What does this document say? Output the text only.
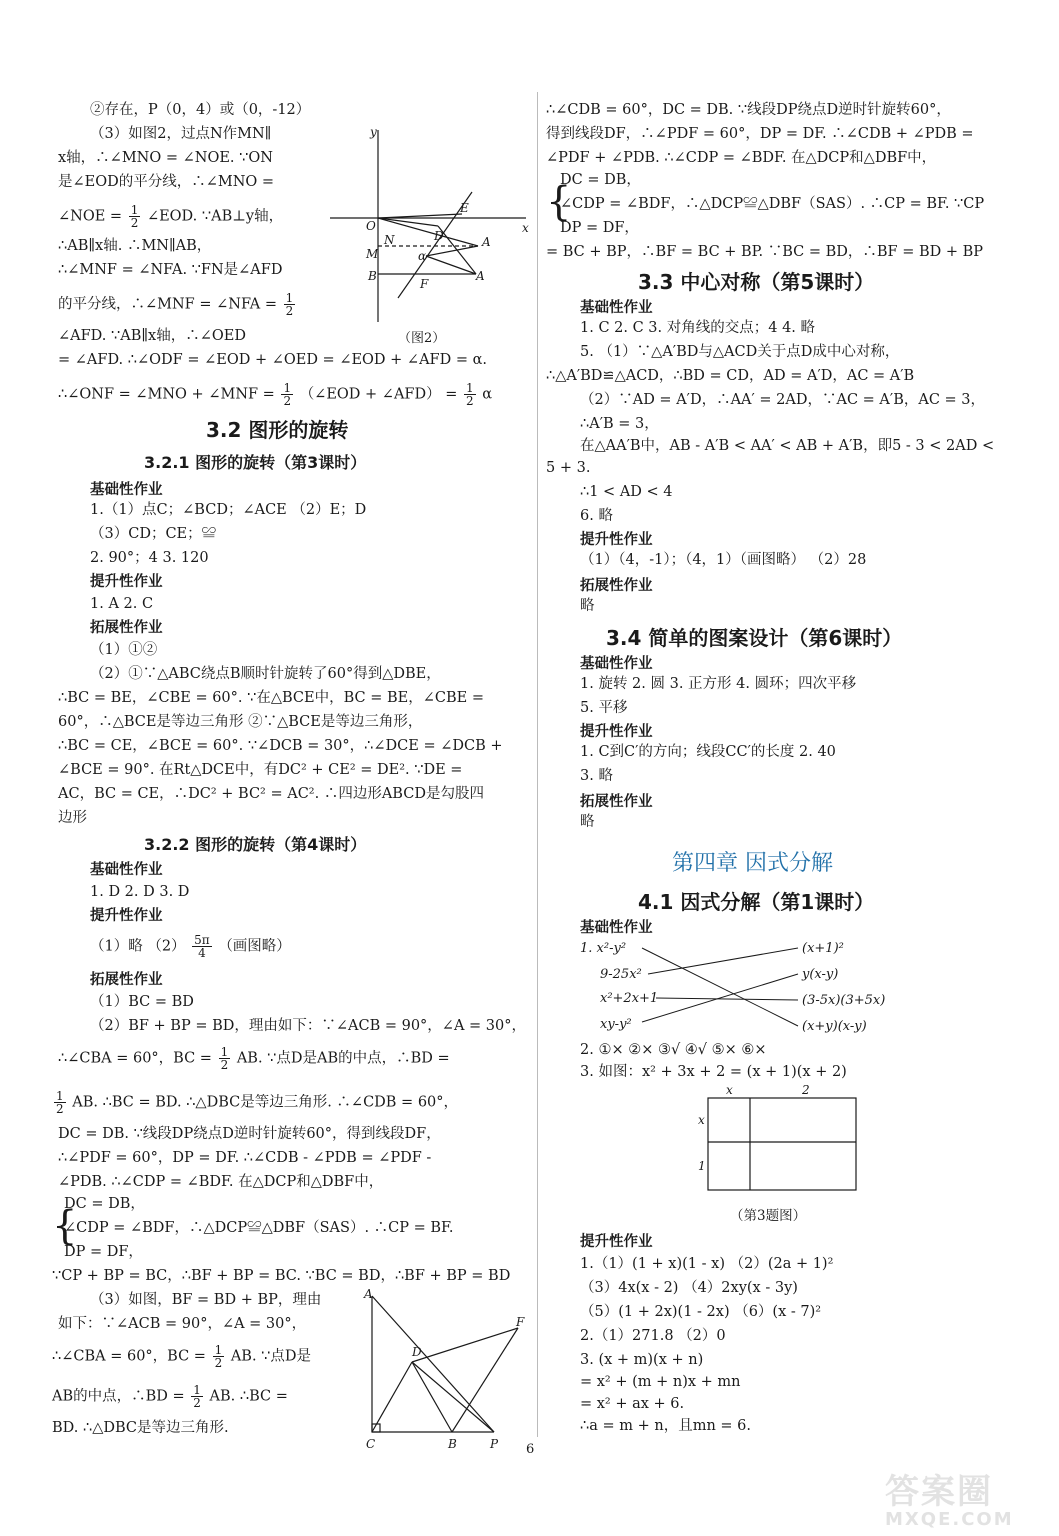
②存在，P（0，4）或（0，-12）
（3）如图2，过点N作MN∥
x轴，∴∠MNO = ∠NOE. ∵ON
是∠EOD的平分线，∴∠MNO =
∠NOE = $\frac{1}{2}$ ∠EOD. ∵AB⊥y轴，
∴AB∥x轴. ∴MN∥AB，
∴∠MNF = ∠NFA. ∵FN是∠AFD
的平分线，∴∠MNF = ∠NFA = $\frac{1}{2}$
∠AFD. ∵AB∥x轴，∴∠OED
= ∠AFD. ∴∠ODF = ∠EOD + ∠OED = ∠EOD + ∠AFD = α.
∴∠ONF = ∠MNO + ∠MNF = $\frac{1}{2}$ （∠EOD + ∠AFD） = $\frac{1}{2}$ α
y
x
O
E
M
N	D	A
α
B
F
A
（图2）
3.2 图形的旋转
3.2.1 图形的旋转（第3课时）
基础性作业
1.（1）点C；∠BCD；∠ACE （2）E；D
（3）CD；CE；≌
2. 90°；4 3. 120
提升性作业
1. A 2. C
拓展性作业
（1）①②
（2）①∵△ABC绕点B顺时针旋转了60°得到△DBE，
∴BC = BE，∠CBE = 60°. ∵在△BCE中，BC = BE，∠CBE =
60°，∴△BCE是等边三角形 ②∵△BCE是等边三角形，
∴BC = CE，∠BCE = 60°. ∵∠DCB = 30°，∴∠DCE = ∠DCB +
∠BCE = 90°. 在Rt△DCE中，有DC² + CE² = DE². ∵DE =
AC，BC = CE，∴DC² + BC² = AC². ∴四边形ABCD是勾股四
边形
3.2.2 图形的旋转（第4课时）
基础性作业
1. D 2. D 3. D
提升性作业
（1）略 $(2) \frac{5\pi}{4}$ （画图略）
拓展性作业
（1）BC = BD
（2）BF + BP = BD，理由如下：∵∠ACB = 90°，∠A = 30°，
∴∠CBA = 60°，BC = $\frac{1}{2}$ AB. ∵点D是AB的中点，∴BD =
$\frac{1}{2}$ AB. ∴BC = BD. ∴△DBC是等边三角形. ∴∠CDB = 60°，
DC = DB. ∵线段DP绕点D逆时针旋转60°，得到线段DF，
∴∠PDF = 60°，DP = DF. ∴∠CDB - ∠PDB = ∠PDF -
∠PDB. ∴∠CDP = ∠BDF. 在△DCP和△DBF中，
{
DC = DB，
∠CDP = ∠BDF，∴△DCP≌△DBF（SAS）. ∴CP = BF.
DP = DF，
∵CP + BP = BC，∴BF + BP = BC. ∵BC = BD，∴BF + BP = BD
（3）如图，BF = BD + BP，理由
如下：∵∠ACB = 90°，∠A = 30°，
∴∠CBA = 60°，BC = $\frac{1}{2}$ AB. ∵点D是
AB的中点，∴BD = $\frac{1}{2}$ AB. ∴BC =
BD. ∴△DBC是等边三角形.
A
F
D
C	B	P
∴∠CDB = 60°，DC = DB. ∵线段DP绕点D逆时针旋转60°，
得到线段DF，∴∠PDF = 60°，DP = DF. ∴∠CDB + ∠PDB =
∠PDF + ∠PDB. ∴∠CDP = ∠BDF. 在△DCP和△DBF中，
{
DC = DB，
∠CDP = ∠BDF，∴△DCP≌△DBF（SAS）. ∴CP = BF. ∵CP
DP = DF，
= BC + BP，∴BF = BC + BP. ∵BC = BD，∴BF = BD + BP
3.3 中心对称（第5课时）
基础性作业
1. C 2. C 3. 对角线的交点；4 4. 略
5. （1）∵△A′BD与△ACD关于点D成中心对称，
∴△A′BD≌△ACD，∴BD = CD，AD = A′D，AC = A′B
（2）∵AD = A′D，∴AA′ = 2AD，∵AC = A′B，AC = 3，
∴A′B = 3，
在△AA′B中，AB - A′B < AA′ < AB + A′B，即5 - 3 < 2AD <
5 + 3.
∴1 < AD < 4
6. 略
提升性作业
（1）（4，-1）；（4，1）（画图略） （2）28
拓展性作业
略
3.4 简单的图案设计（第6课时）
基础性作业
1. 旋转 2. 圆 3. 正方形 4. 圆环；四次平移
5. 平移
提升性作业
1. C到C′的方向；线段CC′的长度 2. 40
3. 略
拓展性作业
略
第四章 因式分解
4.1 因式分解（第1课时）
基础性作业
1. x²-y²
9-25x²
x²+2x+1
xy-y²
(x+1)²
y(x-y)
(3-5x)(3+5x)
(x+y)(x-y)
2. ①× ②× ③√ ④√ ⑤× ⑥×
3. 如图：x² + 3x + 2 = (x + 1)(x + 2)
x	2
x
1
（第3题图）
提升性作业
1.（1）(1 + x)(1 - x) （2）(2a + 1)²
（3）4x(x - 2) （4）2xy(x - 3y)
（5）(1 + 2x)(1 - 2x) （6）(x - 7)²
2.（1）271.8 （2）0
3. (x + m)(x + n)
= x² + (m + n)x + mn
= x² + ax + 6.
∴a = m + n，且mn = 6.
6
答案圈
MXQE.COM
